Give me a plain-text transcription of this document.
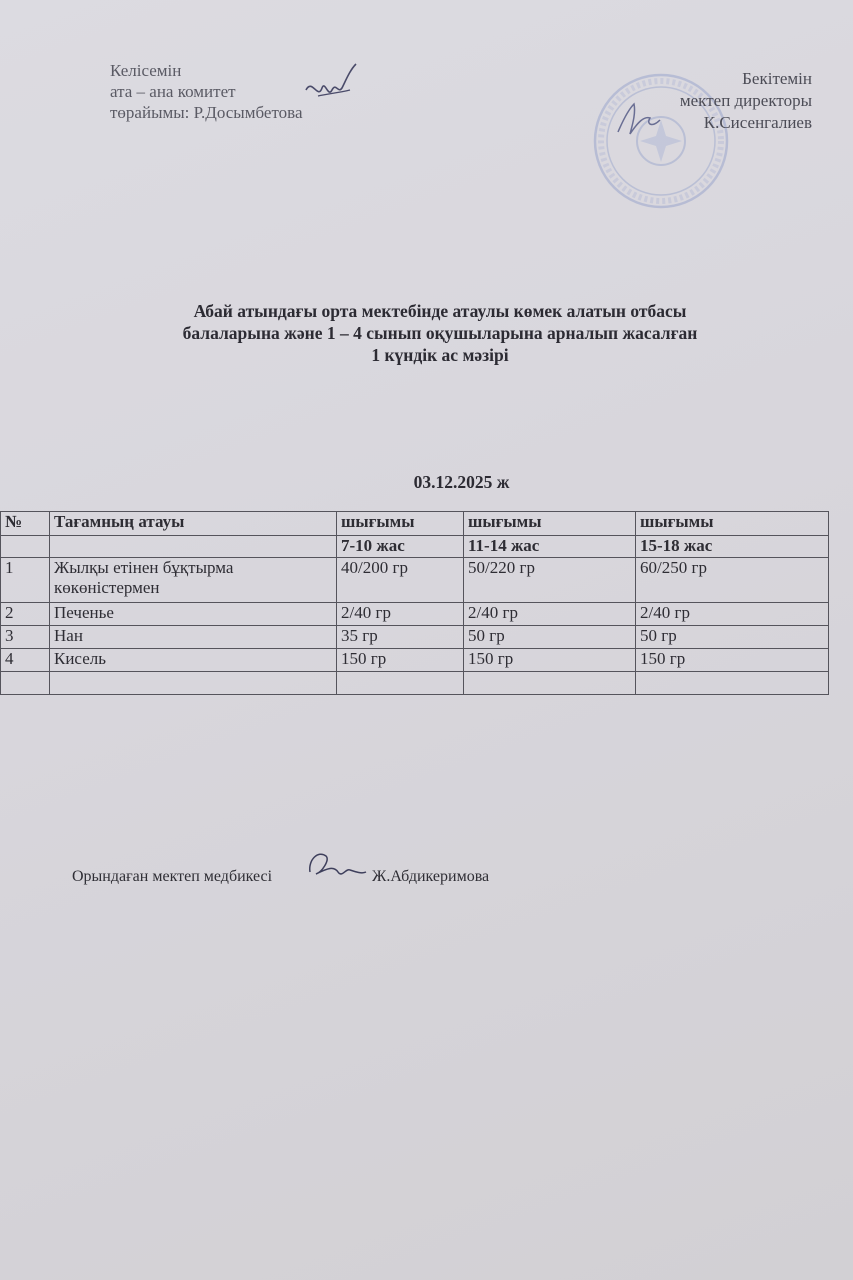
Келісемін
ата – ана комитет
төрайымы: Р.Досымбетова
Бекітемін
мектеп директоры
К.Сисенгалиев
Абай атындағы орта мектебінде атаулы көмек алатын отбасы
балаларына және 1 – 4 сынып оқушыларына арналып жасалған
1 күндік ас мәзірі
03.12.2025 ж
№	Тағамның атауы	шығымы	шығымы	шығымы
		7-10 жас	11-14 жас	15-18 жас
1	Жылқы етінен бұқтырма көкөністермен	40/200 гр	50/220 гр	60/250 гр
2	Печенье	2/40 гр	2/40 гр	2/40 гр
3	Нан	35 гр	50 гр	50 гр
4	Кисель	150 гр	150 гр	150 гр

Орындаған мектеп медбикесі	Ж.Абдикеримова
